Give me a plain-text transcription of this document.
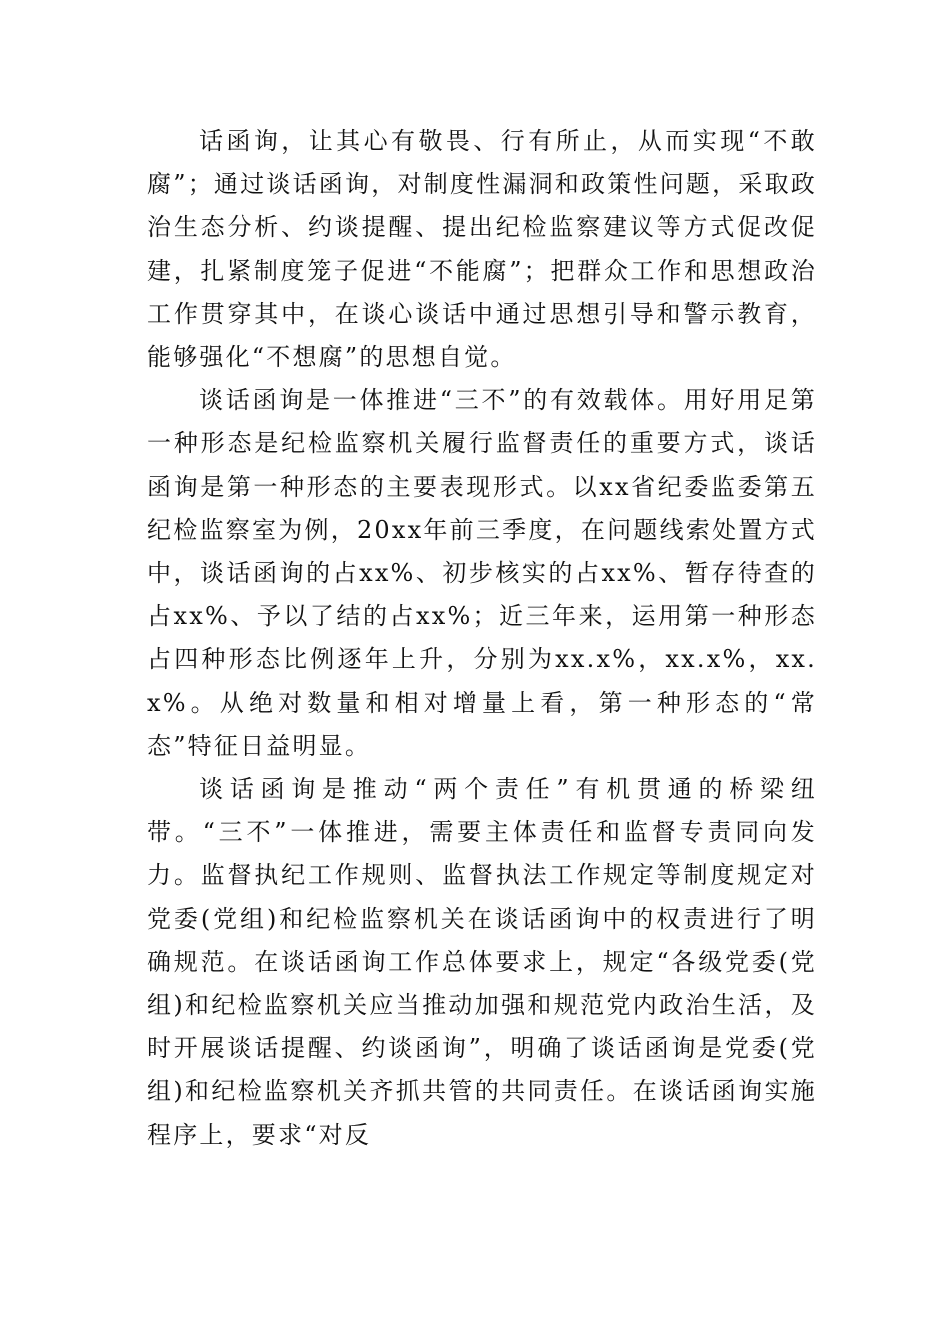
话函询，让其心有敬畏、行有所止，从而实现“不敢腐”；通过谈话函询，对制度性漏洞和政策性问题，采取政治生态分析、约谈提醒、提出纪检监察建议等方式促改促建，扎紧制度笼子促进“不能腐”；把群众工作和思想政治工作贯穿其中，在谈心谈话中通过思想引导和警示教育，能够强化“不想腐”的思想自觉。

谈话函询是一体推进“三不”的有效载体。用好用足第一种形态是纪检监察机关履行监督责任的重要方式，谈话函询是第一种形态的主要表现形式。以xx省纪委监委第五纪检监察室为例，20xx年前三季度，在问题线索处置方式中，谈话函询的占xx%、初步核实的占xx%、暂存待查的占xx%、予以了结的占xx%；近三年来，运用第一种形态占四种形态比例逐年上升，分别为xx.x%，xx.x%，xx.x%。从绝对数量和相对增量上看，第一种形态的“常态”特征日益明显。

谈话函询是推动“两个责任”有机贯通的桥梁纽带。“三不”一体推进，需要主体责任和监督专责同向发力。监督执纪工作规则、监督执法工作规定等制度规定对党委(党组)和纪检监察机关在谈话函询中的权责进行了明确规范。在谈话函询工作总体要求上，规定“各级党委(党组)和纪检监察机关应当推动加强和规范党内政治生活，及时开展谈话提醒、约谈函询”，明确了谈话函询是党委(党组)和纪检监察机关齐抓共管的共同责任。在谈话函询实施程序上，要求“对反
